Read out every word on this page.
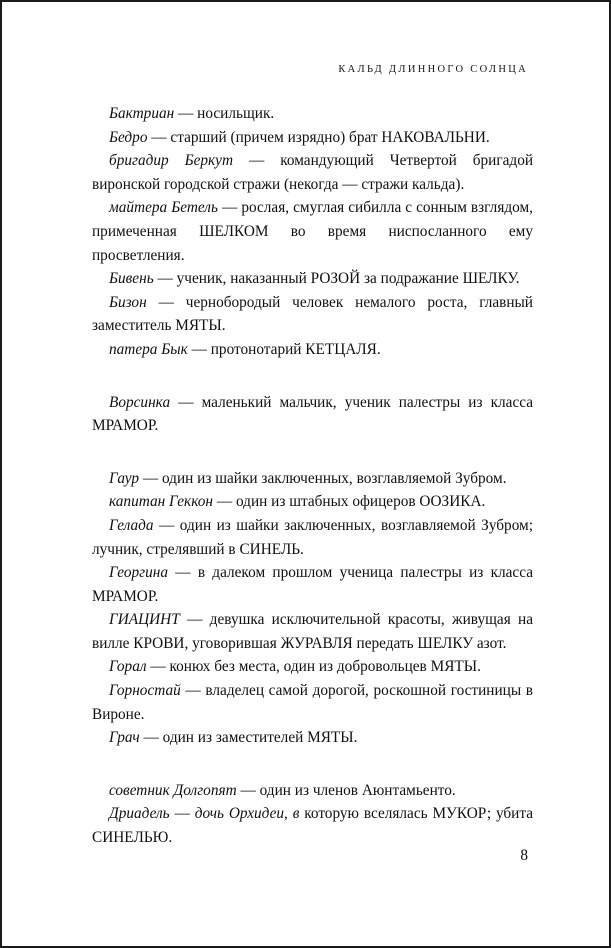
КАЛЬД ДЛИННОГО СОЛНЦА

Бактриан — носильщик.

Бедро — старший (причем изрядно) брат НАКОВАЛЬНИ.

бригадир Беркут — командующий Четвертой бригадой виронской городской стражи (некогда — стражи кальда).

майтера Бетель — рослая, смуглая сибилла с сонным взглядом, примеченная ШЕЛКОМ во время ниспосланного ему просветления.

Бивень — ученик, наказанный РОЗОЙ за подражание ШЕЛКУ.

Бизон — чернобородый человек немалого роста, главный заместитель МЯТЫ.

патера Бык — протонотарий КЕТЦАЛЯ.

Ворсинка — маленький мальчик, ученик палестры из класса МРАМОР.

Гаур — один из шайки заключенных, возглавляемой Зубром.

капитан Геккон — один из штабных офицеров ООЗИКА.

Гелада — один из шайки заключенных, возглавляемой Зубром; лучник, стрелявший в СИНЕЛЬ.

Георгина — в далеком прошлом ученица палестры из класса МРАМОР.

ГИАЦИНТ — девушка исключительной красоты, живущая на вилле КРОВИ, уговорившая ЖУРАВЛЯ передать ШЕЛКУ азот.

Горал — конюх без места, один из добровольцев МЯТЫ.

Горностай — владелец самой дорогой, роскошной гостиницы в Вироне.

Грач — один из заместителей МЯТЫ.

советник Долгопят — один из членов Аюнтамьенто.

Дриадель — дочь Орхидеи, в которую вселялась МУКОР; убита СИНЕЛЬЮ.

8
